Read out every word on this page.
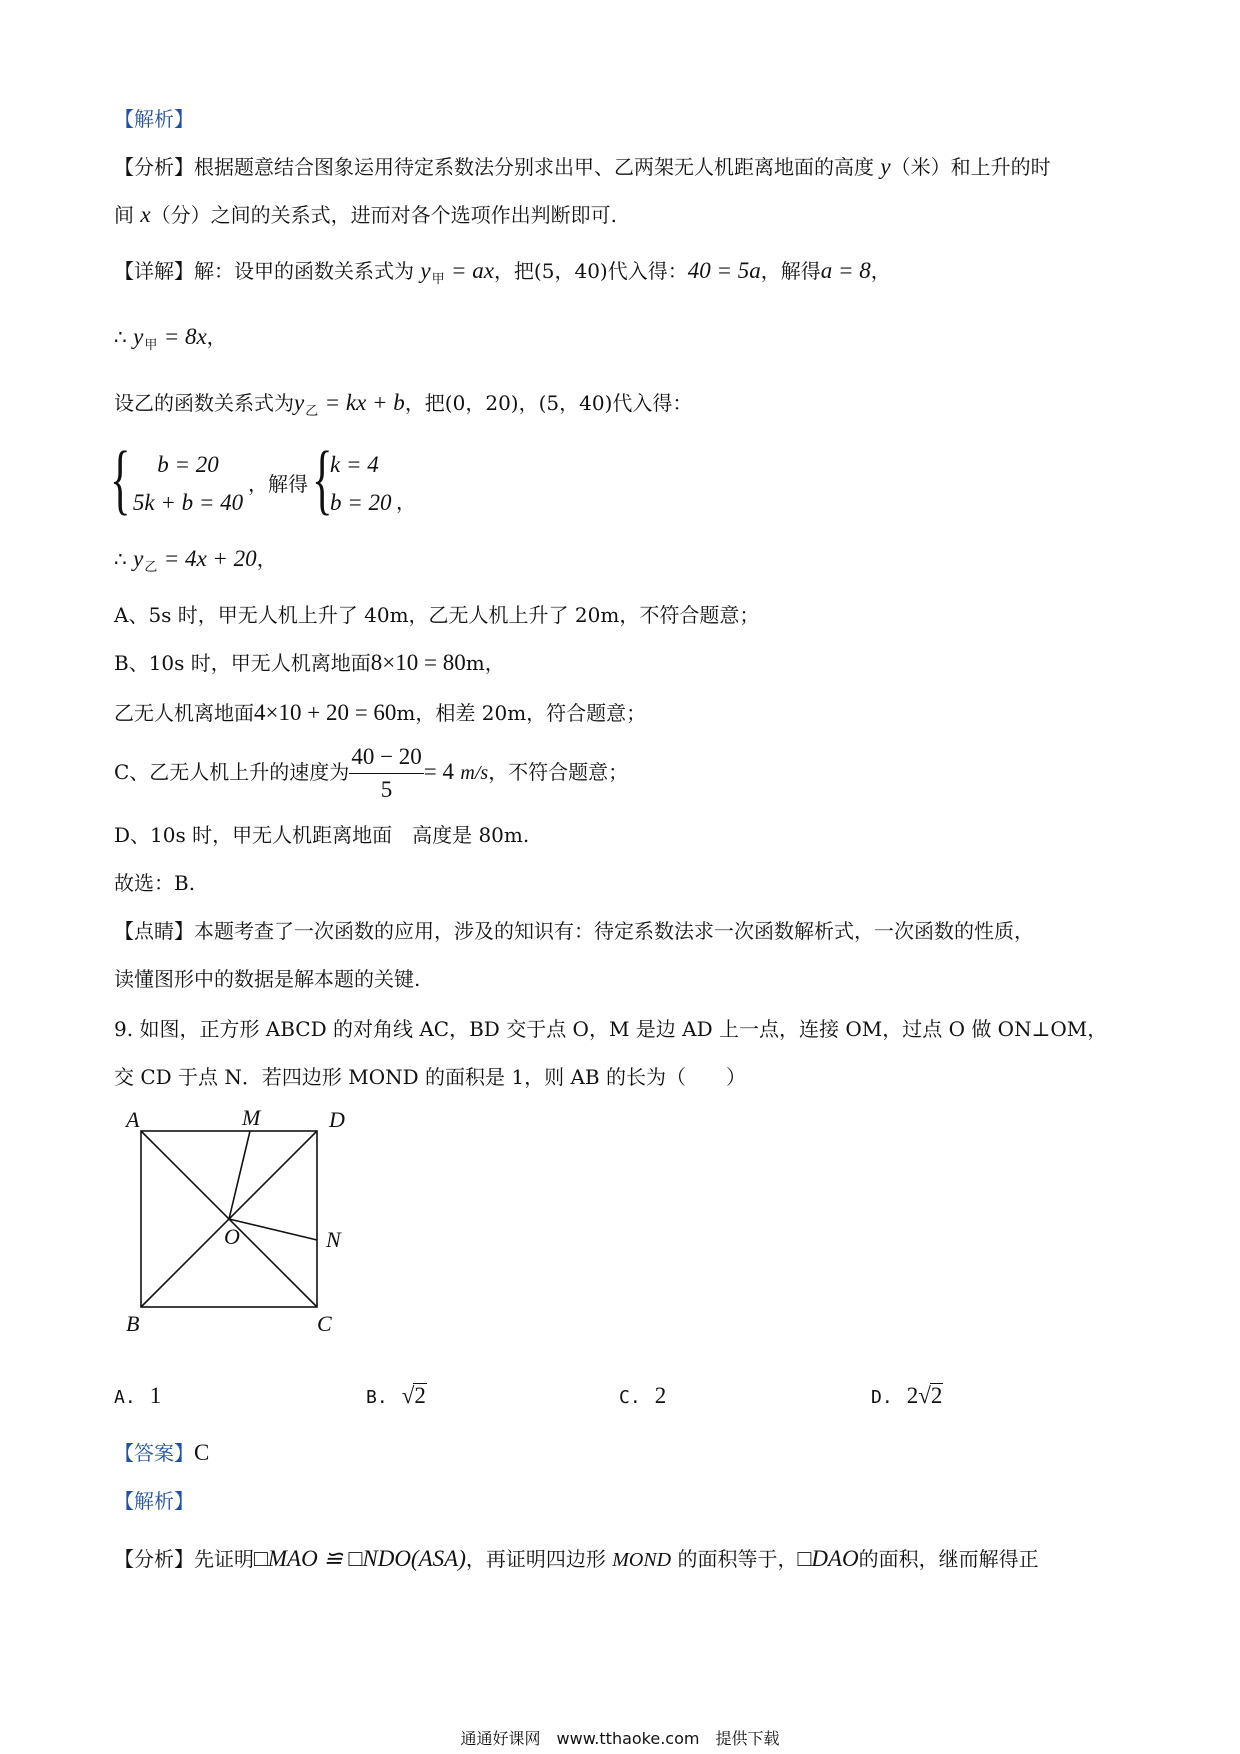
【解析】
【分析】根据题意结合图象运用待定系数法分别求出甲、乙两架无人机距离地面的高度 y（米）和上升的时
间 x（分）之间的关系式，进而对各个选项作出判断即可.
【详解】解：设甲的函数关系式为 $y_甲$ = ax，把(5，40)代入得：40 = 5a，解得a = 8，
∴ $y_甲 = 8x$，
设乙的函数关系式为$y_乙$ = kx + b，把(0，20)，(5，40)代入得：
{	b = 20
5k + b = 40
，解得 {
k = 4
b = 20 ，
∴ $y_乙 = 4x + 20$，
A、5s 时，甲无人机上升了 40m，乙无人机上升了 20m，不符合题意；
B、10s 时，甲无人机离地面8×10 = 80m，
乙无人机离地面4×10 + 20 = 60m，相差 20m，符合题意；
C、乙无人机上升的速度为 $\frac{40 - 20}{5} = 4$ m/s，不符合题意；
D、10s 时，甲无人机距离地面　高度是 80m.
故选：B.
【点睛】本题考查了一次函数的应用，涉及的知识有：待定系数法求一次函数解析式，一次函数的性质，
读懂图形中的数据是解本题的关键.
9. 如图，正方形 ABCD 的对角线 AC，BD 交于点 O，M 是边 AD 上一点，连接 OM，过点 O 做 ON⊥OM，
交 CD 于点 N．若四边形 MOND 的面积是 1，则 AB 的长为（　　）
A	M	D
O	N
B	C
A. 1	B. √2	C. 2	D. 2√2
【答案】C
【解析】
【分析】先证明□MAO ≌ □NDO(ASA)，再证明四边形 MOND 的面积等于，□DAO的面积，继而解得正
通通好课网　www.tthaoke.com　提供下载
